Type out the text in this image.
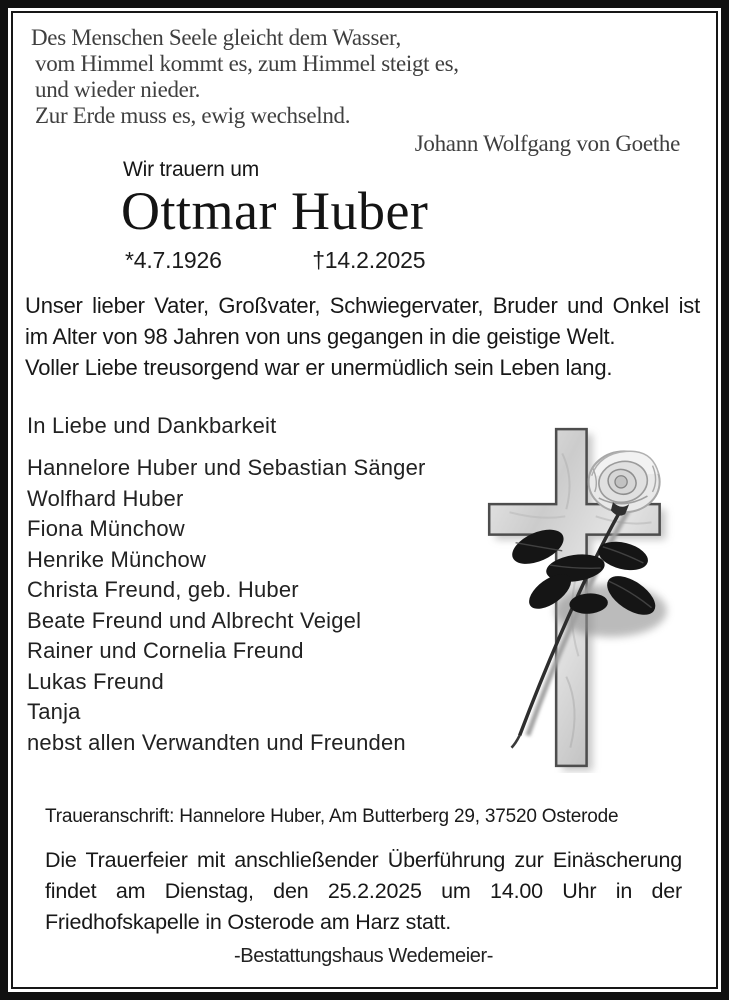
Des Menschen Seele gleicht dem Wasser,
vom Himmel kommt es, zum Himmel steigt es,
und wieder nieder.
Zur Erde muss es, ewig wechselnd.
Johann Wolfgang von Goethe
Wir trauern um
Ottmar Huber
*4.7.1926	†14.2.2025

Unser lieber Vater, Großvater, Schwiegervater, Bruder und Onkel ist im Alter von 98 Jahren von uns gegangen in die geistige Welt.

Voller Liebe treusorgend war er unermüdlich sein Leben lang.

In Liebe und Dankbarkeit
Hannelore Huber und Sebastian Sänger
Wolfhard Huber
Fiona Münchow
Henrike Münchow
Christa Freund, geb. Huber
Beate Freund und Albrecht Veigel
Rainer und Cornelia Freund
Lukas Freund
Tanja
nebst allen Verwandten und Freunden
Traueranschrift: Hannelore Huber, Am Butterberg 29, 37520 Osterode

Die Trauerfeier mit anschließender Überführung zur Einäscherung findet am Dienstag, den 25.2.2025 um 14.00 Uhr in der Friedhofskapelle in Osterode am Harz statt.

-Bestattungshaus Wedemeier-
